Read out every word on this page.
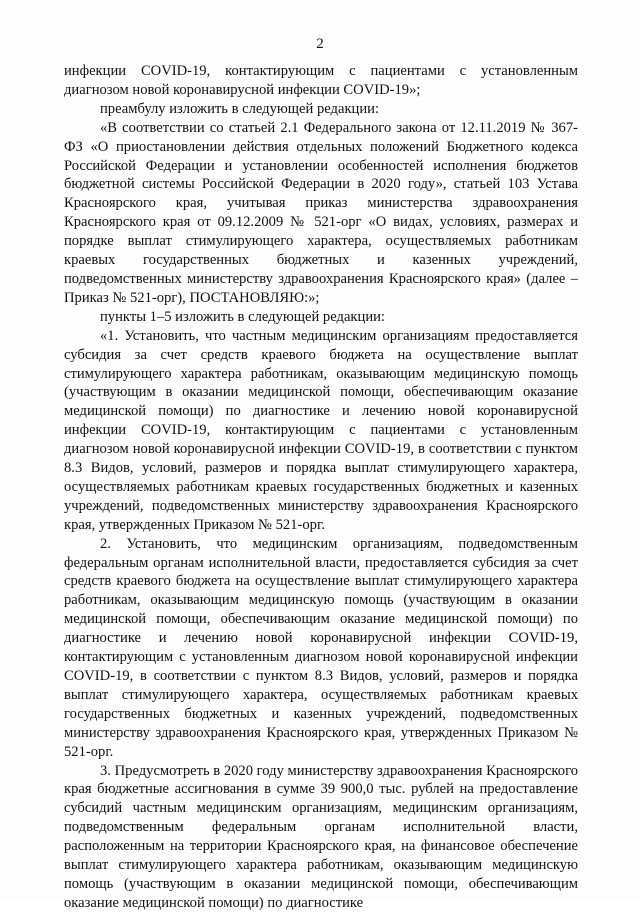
2

инфекции COVID-19, контактирующим с пациентами с установленным диагнозом новой коронавирусной инфекции COVID-19»;

преамбулу изложить в следующей редакции:

«В соответствии со статьей 2.1 Федерального закона от 12.11.2019 № 367-ФЗ «О приостановлении действия отдельных положений Бюджетного кодекса Российской Федерации и установлении особенностей исполнения бюджетов бюджетной системы Российской Федерации в 2020 году», статьей 103 Устава Красноярского края, учитывая приказ министерства здравоохранения Красноярского края от 09.12.2009 № 521-орг «О видах, условиях, размерах и порядке выплат стимулирующего характера, осуществляемых работникам краевых государственных бюджетных и казенных учреждений, подведомственных министерству здравоохранения Красноярского края» (далее – Приказ № 521-орг), ПОСТАНОВЛЯЮ:»;

пункты 1–5 изложить в следующей редакции:

«1. Установить, что частным медицинским организациям предоставляется субсидия за счет средств краевого бюджета на осуществление выплат стимулирующего характера работникам, оказывающим медицинскую помощь (участвующим в оказании медицинской помощи, обеспечивающим оказание медицинской помощи) по диагностике и лечению новой коронавирусной инфекции COVID-19, контактирующим с пациентами с установленным диагнозом новой коронавирусной инфекции COVID-19, в соответствии с пунктом 8.3 Видов, условий, размеров и порядка выплат стимулирующего характера, осуществляемых работникам краевых государственных бюджетных и казенных учреждений, подведомственных министерству здравоохранения Красноярского края, утвержденных Приказом № 521-орг.

2. Установить, что медицинским организациям, подведомственным федеральным органам исполнительной власти, предоставляется субсидия за счет средств краевого бюджета на осуществление выплат стимулирующего характера работникам, оказывающим медицинскую помощь (участвующим в оказании медицинской помощи, обеспечивающим оказание медицинской помощи) по диагностике и лечению новой коронавирусной инфекции COVID-19, контактирующим с установленным диагнозом новой коронавирусной инфекции COVID-19, в соответствии с пунктом 8.3 Видов, условий, размеров и порядка выплат стимулирующего характера, осуществляемых работникам краевых государственных бюджетных и казенных учреждений, подведомственных министерству здравоохранения Красноярского края, утвержденных Приказом № 521-орг.

3. Предусмотреть в 2020 году министерству здравоохранения Красноярского края бюджетные ассигнования в сумме 39 900,0 тыс. рублей на предоставление субсидий частным медицинским организациям, медицинским организациям, подведомственным федеральным органам исполнительной власти, расположенным на территории Красноярского края, на финансовое обеспечение выплат стимулирующего характера работникам, оказывающим медицинскую помощь (участвующим в оказании медицинской помощи, обеспечивающим оказание медицинской помощи) по диагностике
